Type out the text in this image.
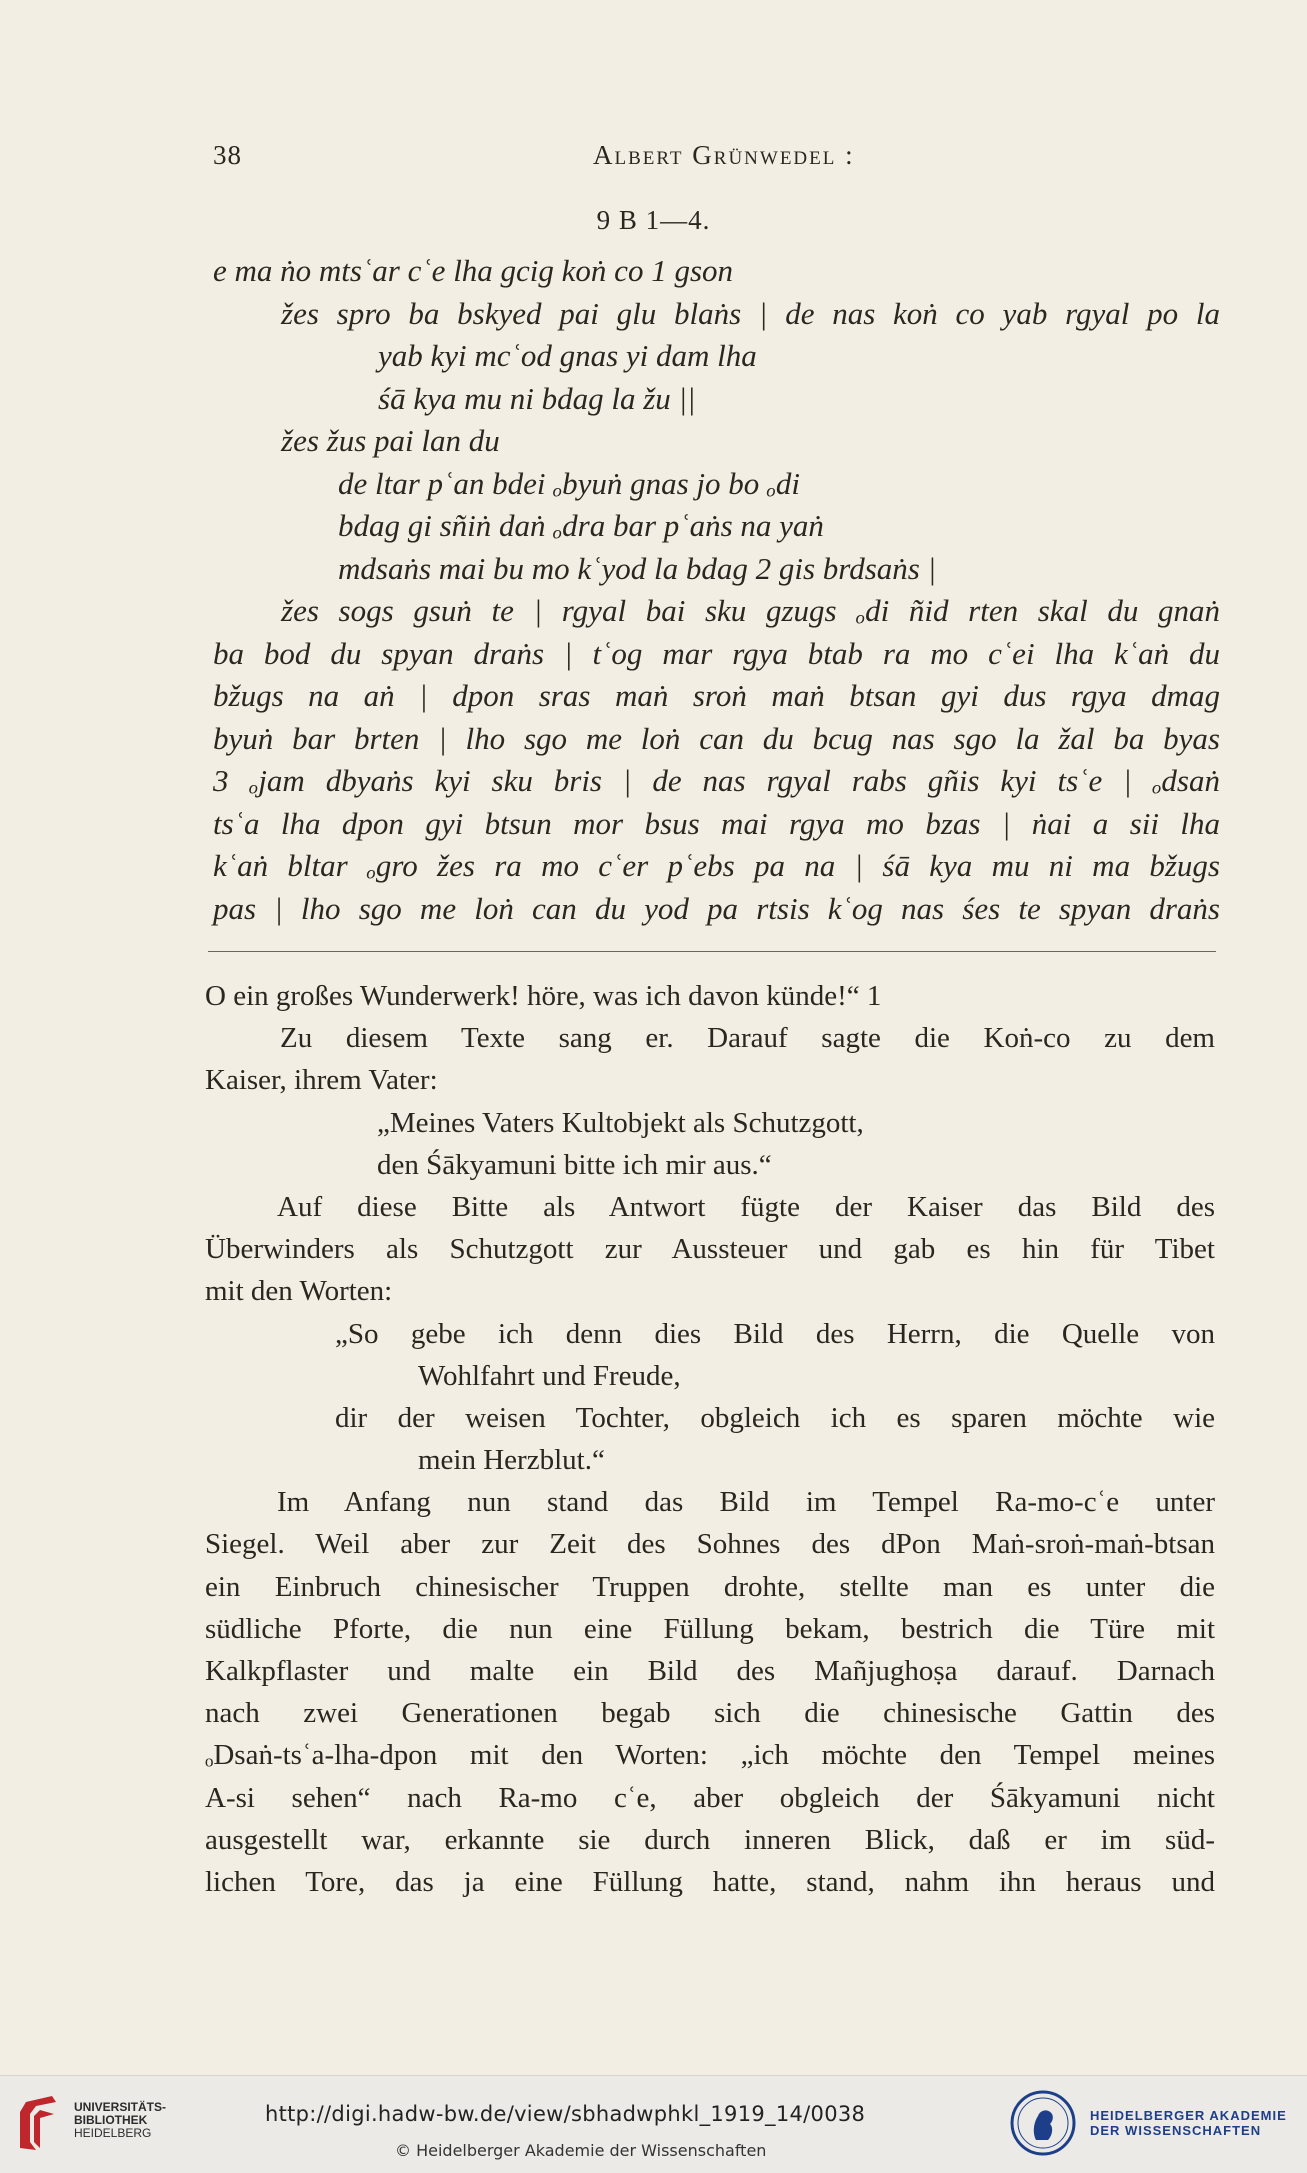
38	Albert Grünwedel :
9 B 1—4.
e ma ṅo mtsʿar cʿe lha gcig koṅ co 1 gson
žes spro ba bskyed pai glu blaṅs | de nas koṅ co yab rgyal po la
yab kyi mcʿod gnas yi dam lha
śā kya mu ni bdag la žu ||
žes žus pai lan du
de ltar pʿan bdei ₒbyuṅ gnas jo bo ₒdi
bdag gi sñiṅ daṅ ₒdra bar pʿaṅs na yaṅ
mdsaṅs mai bu mo kʿyod la bdag 2 gis brdsaṅs |
žes sogs gsuṅ te | rgyal bai sku gzugs ₒdi ñid rten skal du gnaṅ
ba bod du spyan draṅs | tʿog mar rgya btab ra mo cʿei lha kʿaṅ du
bžugs na aṅ | dpon sras maṅ sroṅ maṅ btsan gyi dus rgya dmag
byuṅ bar brten | lho sgo me loṅ can du bcug nas sgo la žal ba byas
3 ₒjam dbyaṅs kyi sku bris | de nas rgyal rabs gñis kyi tsʿe | ₒdsaṅ
tsʿa lha dpon gyi btsun mor bsus mai rgya mo bzas | ṅai a sii lha
kʿaṅ bltar ₒgro žes ra mo cʿer pʿebs pa na | śā kya mu ni ma bžugs
pas | lho sgo me loṅ can du yod pa rtsis kʿog nas śes te spyan draṅs
O ein großes Wunderwerk! höre, was ich davon künde!“ 1
Zu diesem Texte sang er. Darauf sagte die Koṅ-co zu dem
Kaiser, ihrem Vater:
„Meines Vaters Kultobjekt als Schutzgott,
den Śākyamuni bitte ich mir aus.“
Auf diese Bitte als Antwort fügte der Kaiser das Bild des
Überwinders als Schutzgott zur Aussteuer und gab es hin für Tibet
mit den Worten:
„So gebe ich denn dies Bild des Herrn, die Quelle von
Wohlfahrt und Freude,
dir der weisen Tochter, obgleich ich es sparen möchte wie
mein Herzblut.“
Im Anfang nun stand das Bild im Tempel Ra-mo-cʿe unter
Siegel. Weil aber zur Zeit des Sohnes des dPon Maṅ-sroṅ-maṅ-btsan
ein Einbruch chinesischer Truppen drohte, stellte man es unter die
südliche Pforte, die nun eine Füllung bekam, bestrich die Türe mit
Kalkpflaster und malte ein Bild des Mañjughoṣa darauf. Darnach
nach zwei Generationen begab sich die chinesische Gattin des
ₒDsaṅ-tsʿa-lha-dpon mit den Worten: „ich möchte den Tempel meines
A-si sehen“ nach Ra-mo cʿe, aber obgleich der Śākyamuni nicht
ausgestellt war, erkannte sie durch inneren Blick, daß er im süd-
lichen Tore, das ja eine Füllung hatte, stand, nahm ihn heraus und
UNIVERSITÄTS-
BIBLIOTHEK
HEIDELBERG
http://digi.hadw-bw.de/view/sbhadwphkl_1919_14/0038
© Heidelberger Akademie der Wissenschaften
HEIDELBERGER AKADEMIE
DER WISSENSCHAFTEN
